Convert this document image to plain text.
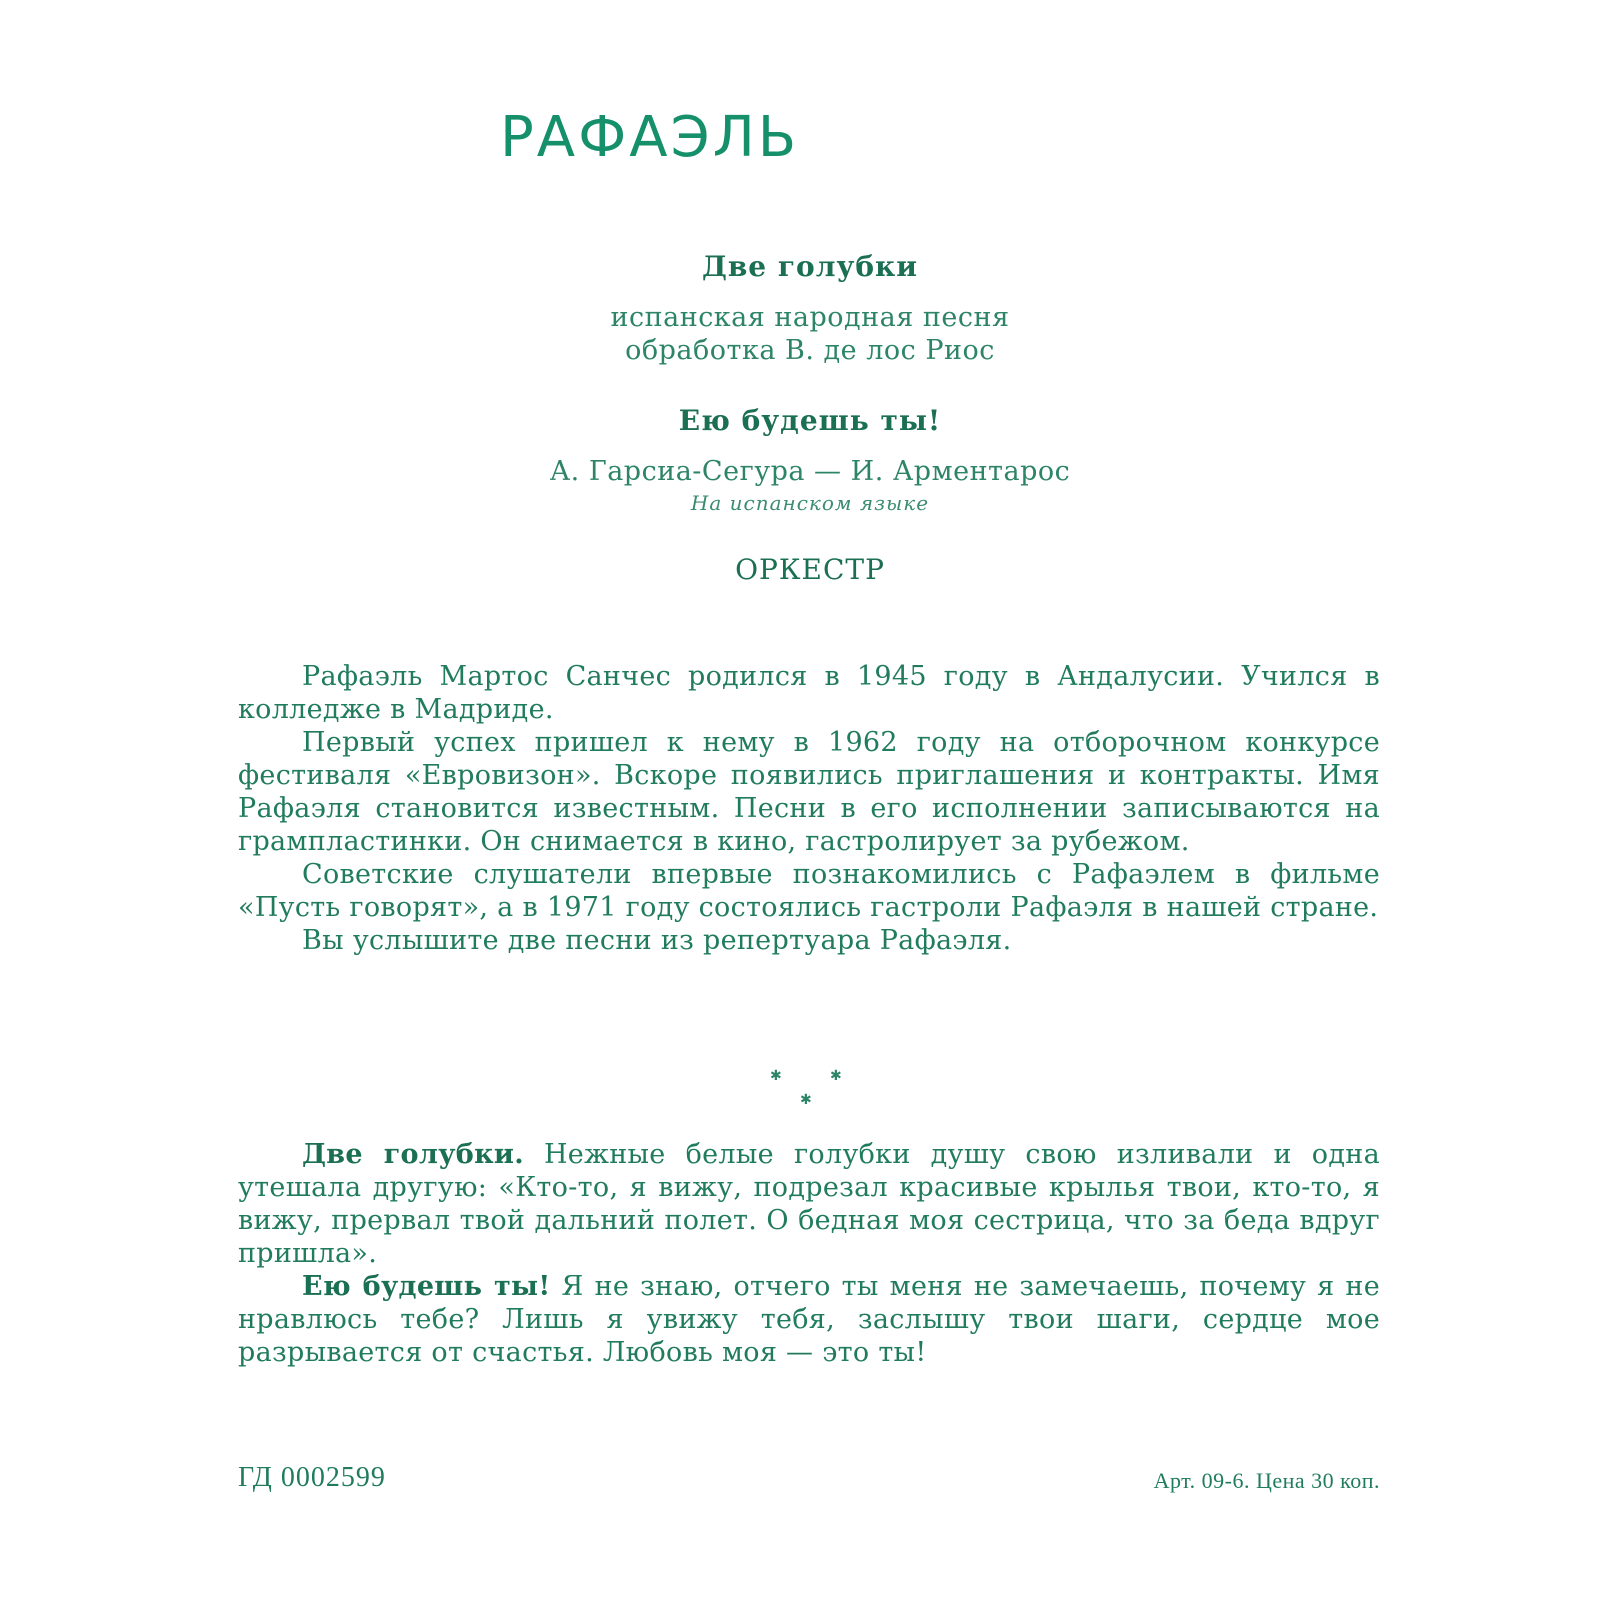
РАФАЭЛЬ
Две голубки
испанская народная песня
обработка В. де лос Риос
Ею будешь ты!
А. Гарсиа-Сегура — И. Арментарос
На испанском языке
ОРКЕСТР

Рафаэль Мартос Санчес родился в 1945 году в Андалусии. Учился в колледже в Мадриде.

Первый успех пришел к нему в 1962 году на отборочном конкурсе фестиваля «Евровизон». Вскоре появились приглашения и контракты. Имя Рафаэля становится известным. Песни в его исполнении записываются на грампластинки. Он снимается в кино, гастролирует за рубежом.

Советские слушатели впервые познакомились с Рафаэлем в фильме «Пусть говорят», а в 1971 году состоялись гастроли Рафаэля в нашей стране.

Вы услышите две песни из репертуара Рафаэля.

✱	✱
✱

Две голубки. Нежные белые голубки душу свою изливали и одна утешала другую: «Кто-то, я вижу, подрезал красивые крылья твои, кто-то, я вижу, прервал твой дальний полет. О бедная моя сестрица, что за беда вдруг пришла».

Ею будешь ты! Я не знаю, отчего ты меня не замечаешь, почему я не нравлюсь тебе? Лишь я увижу тебя, заслышу твои шаги, сердце мое разрывается от счастья. Любовь моя — это ты!

ГД 0002599	Арт. 09-6. Цена 30 коп.
